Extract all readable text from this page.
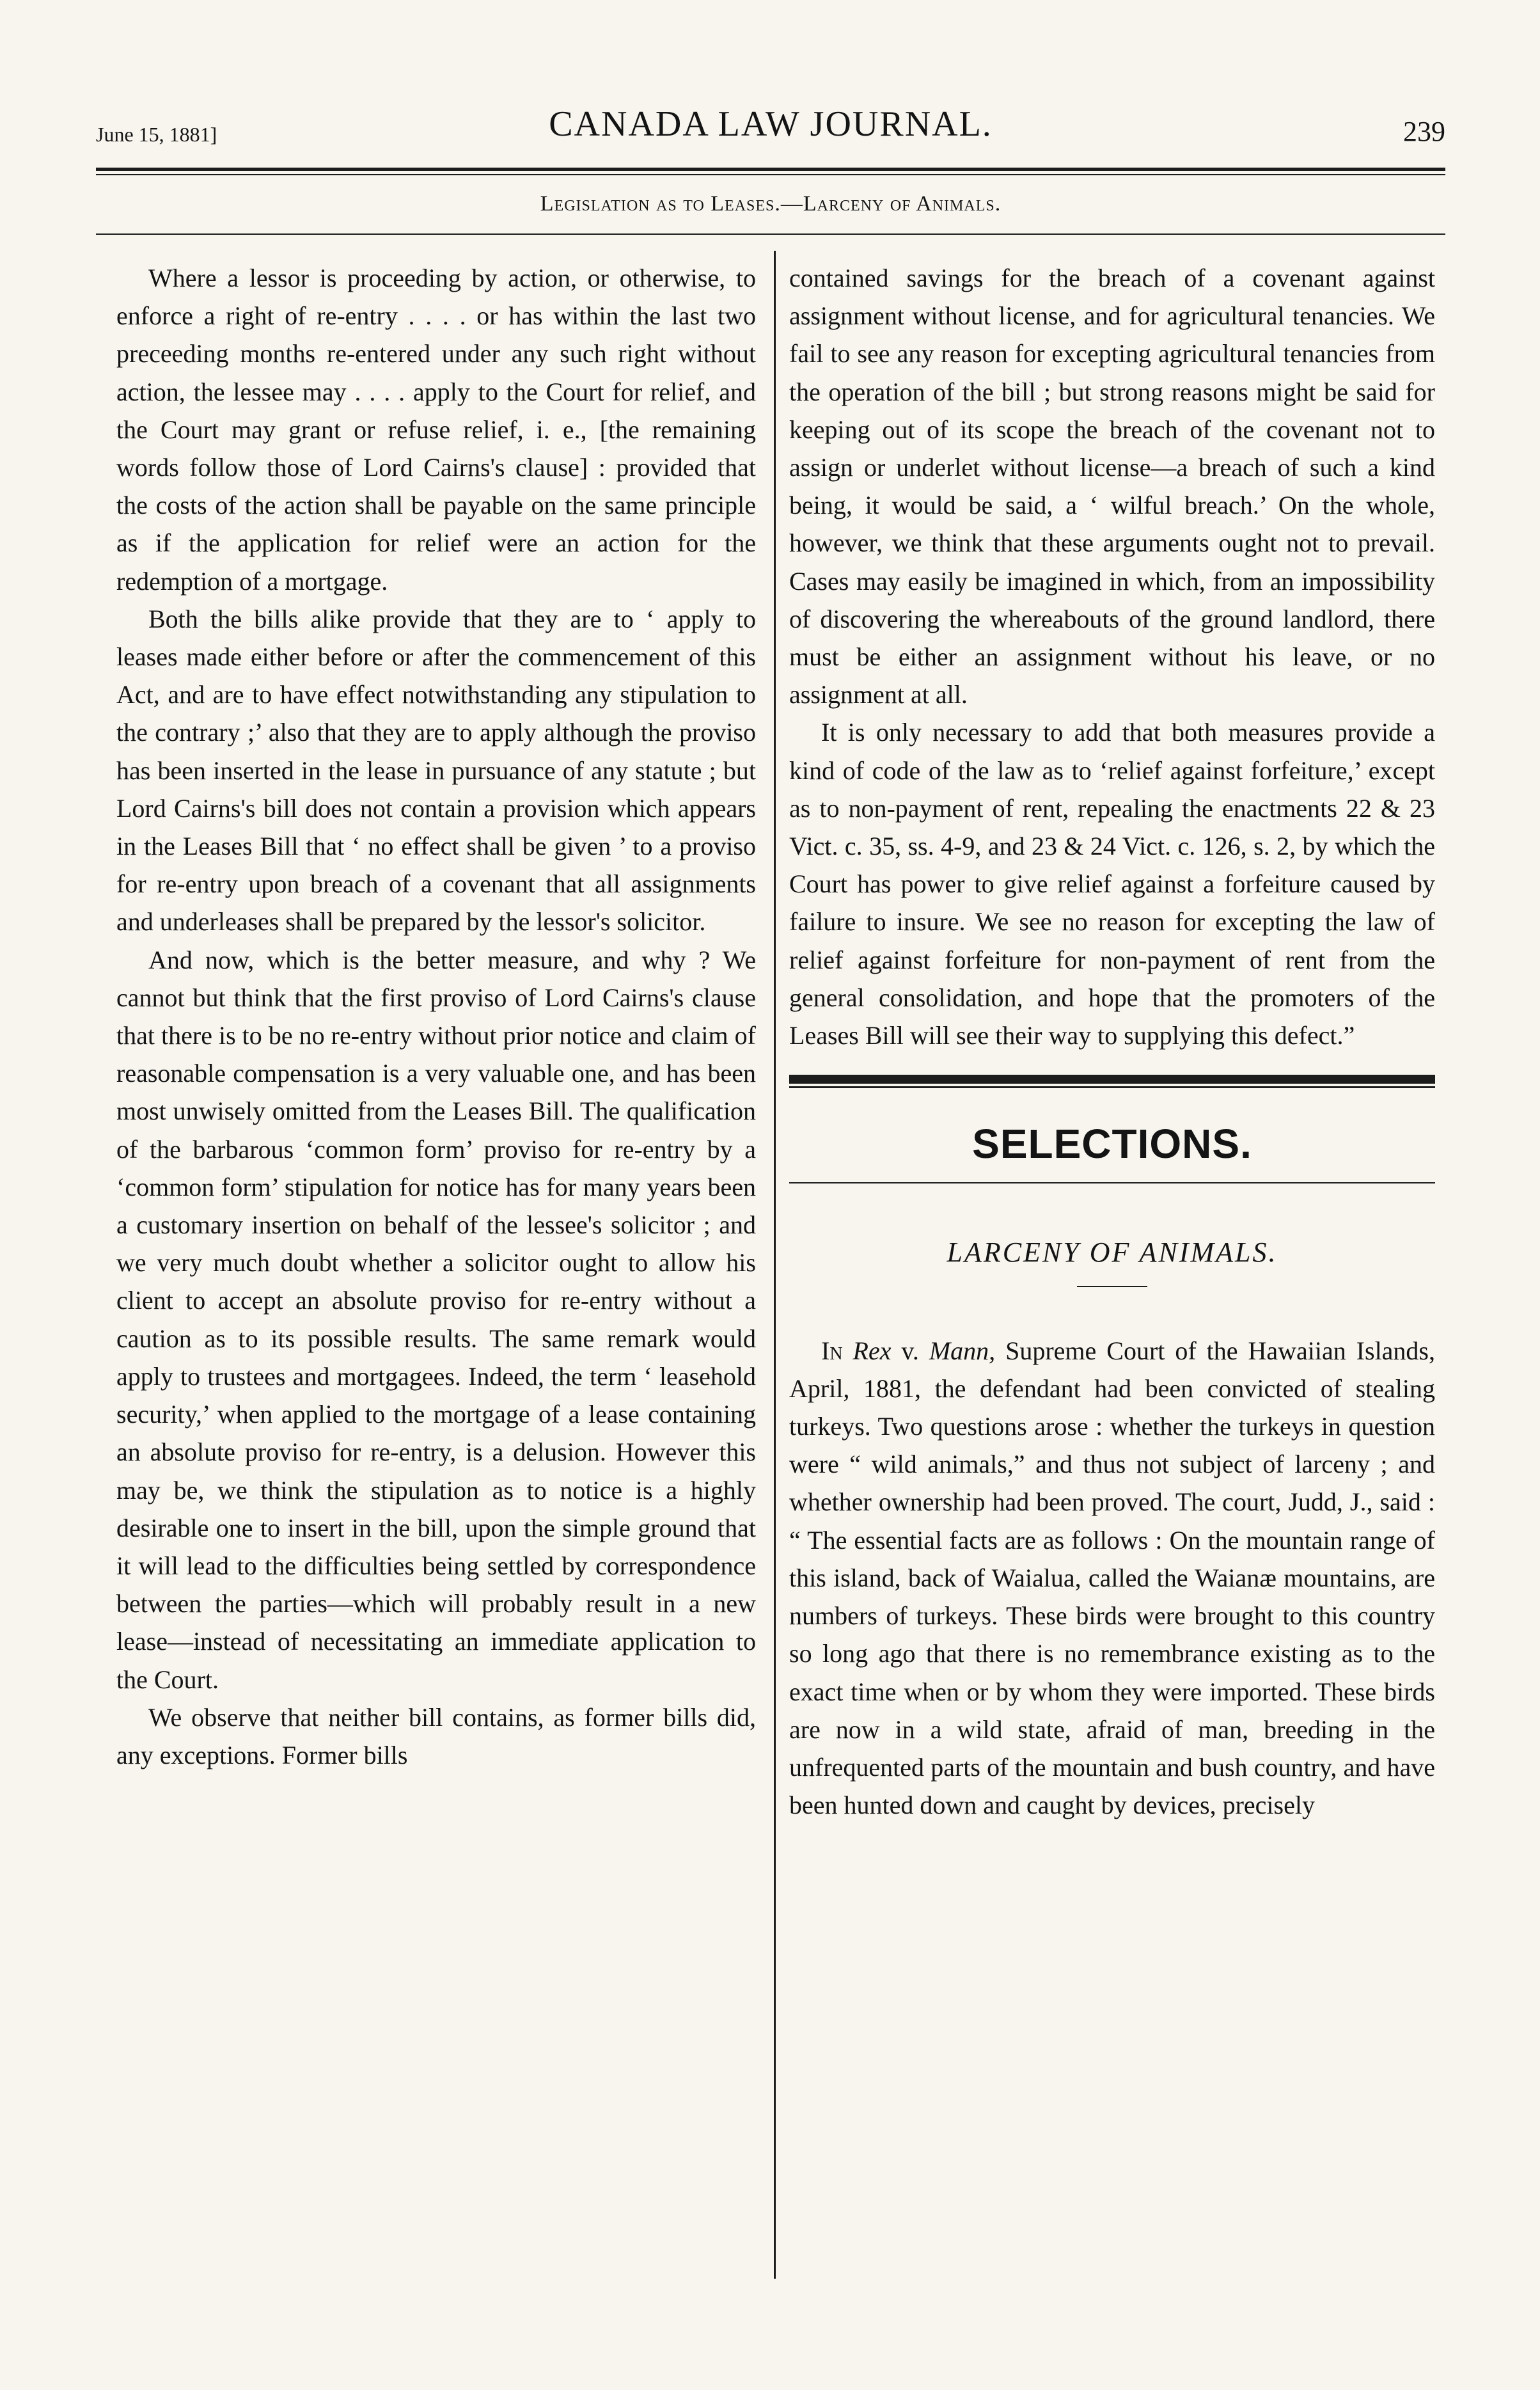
June 15, 1881]	CANADA LAW JOURNAL.	239
Legislation as to Leases.—Larceny of Animals.

Where a lessor is proceeding by action, or otherwise, to enforce a right of re-entry . . . . or has within the last two preceeding months re-entered under any such right without action, the lessee may . . . . apply to the Court for relief, and the Court may grant or refuse relief, i. e., [the remaining words follow those of Lord Cairns's clause] : provided that the costs of the action shall be payable on the same principle as if the application for relief were an action for the redemption of a mortgage.

Both the bills alike provide that they are to ‘ apply to leases made either before or after the commencement of this Act, and are to have effect notwithstanding any stipulation to the contrary ;’ also that they are to apply although the proviso has been inserted in the lease in pursuance of any statute ; but Lord Cairns's bill does not contain a provision which appears in the Leases Bill that ‘ no effect shall be given ’ to a proviso for re-entry upon breach of a covenant that all assignments and underleases shall be prepared by the lessor's solicitor.

And now, which is the better measure, and why ? We cannot but think that the first proviso of Lord Cairns's clause that there is to be no re-entry without prior notice and claim of reasonable compensation is a very valuable one, and has been most unwisely omitted from the Leases Bill. The qualification of the barbarous ‘common form’ proviso for re-entry by a ‘common form’ stipulation for notice has for many years been a customary insertion on behalf of the lessee's solicitor ; and we very much doubt whether a solicitor ought to allow his client to accept an absolute proviso for re-entry without a caution as to its possible results. The same remark would apply to trustees and mortgagees. Indeed, the term ‘ leasehold security,’ when applied to the mortgage of a lease containing an absolute proviso for re-entry, is a delusion. However this may be, we think the stipulation as to notice is a highly desirable one to insert in the bill, upon the simple ground that it will lead to the difficulties being settled by correspondence between the parties—which will probably result in a new lease—instead of necessitating an immediate application to the Court.

We observe that neither bill contains, as former bills did, any exceptions. Former bills

contained savings for the breach of a covenant against assignment without license, and for agricultural tenancies. We fail to see any reason for excepting agricultural tenancies from the operation of the bill ; but strong reasons might be said for keeping out of its scope the breach of the covenant not to assign or underlet without license—a breach of such a kind being, it would be said, a ‘ wilful breach.’ On the whole, however, we think that these arguments ought not to prevail. Cases may easily be imagined in which, from an impossibility of discovering the whereabouts of the ground landlord, there must be either an assignment without his leave, or no assignment at all.

It is only necessary to add that both measures provide a kind of code of the law as to ‘relief against forfeiture,’ except as to non-payment of rent, repealing the enactments 22 & 23 Vict. c. 35, ss. 4-9, and 23 & 24 Vict. c. 126, s. 2, by which the Court has power to give relief against a forfeiture caused by failure to insure. We see no reason for excepting the law of relief against forfeiture for non-payment of rent from the general consolidation, and hope that the promoters of the Leases Bill will see their way to supplying this defect.”

SELECTIONS.
LARCENY OF ANIMALS.

In Rex v. Mann, Supreme Court of the Hawaiian Islands, April, 1881, the defendant had been convicted of stealing turkeys. Two questions arose : whether the turkeys in question were “ wild animals,” and thus not subject of larceny ; and whether ownership had been proved. The court, Judd, J., said : “ The essential facts are as follows : On the mountain range of this island, back of Waialua, called the Waianæ mountains, are numbers of turkeys. These birds were brought to this country so long ago that there is no remembrance existing as to the exact time when or by whom they were imported. These birds are now in a wild state, afraid of man, breeding in the unfrequented parts of the mountain and bush country, and have been hunted down and caught by devices, precisely
